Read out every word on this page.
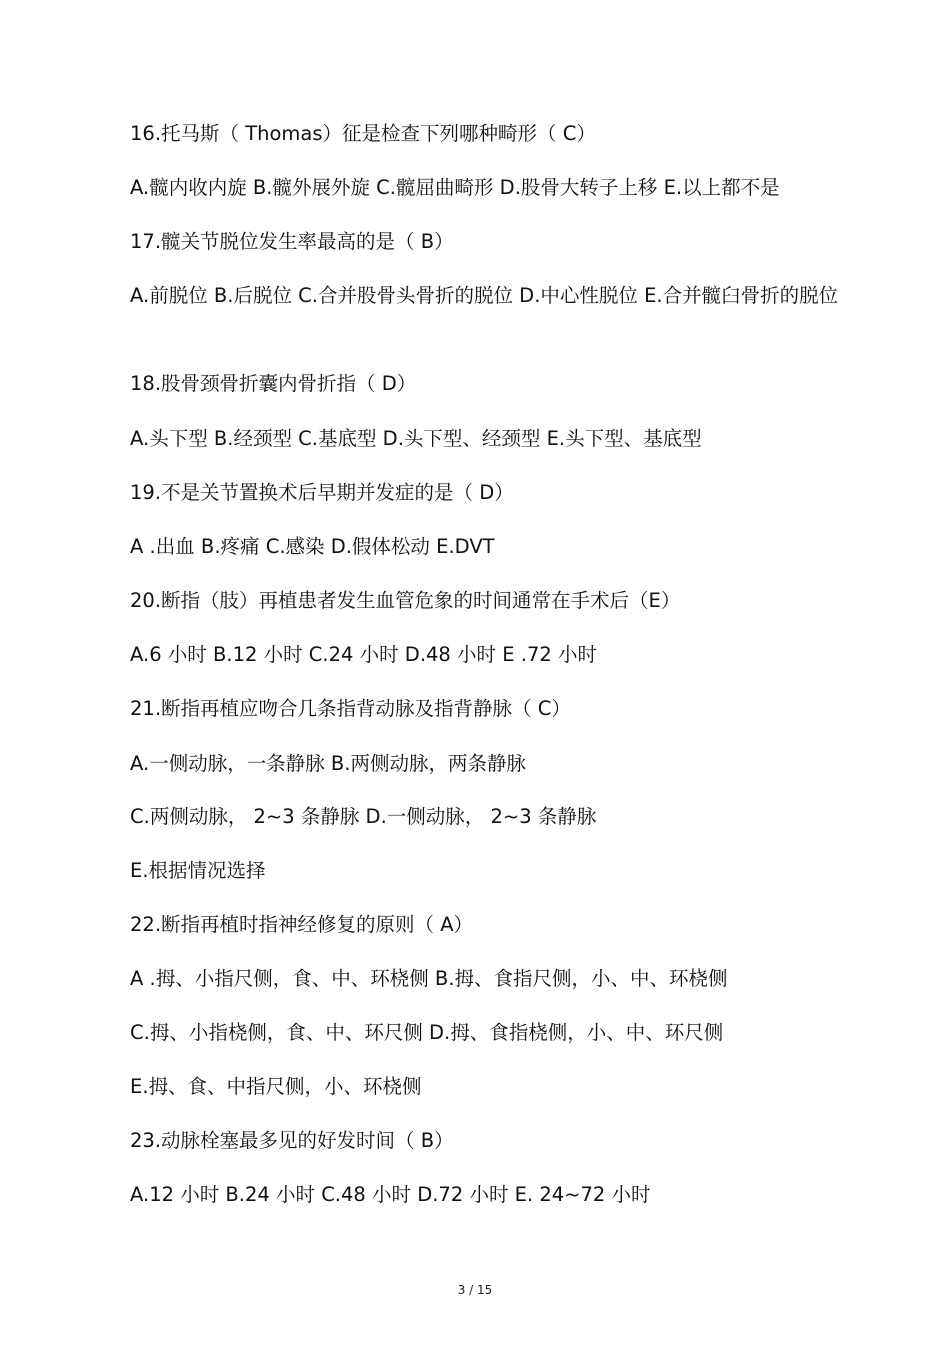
16.托马斯（ Thomas）征是检查下列哪种畸形（ C）
A.髋内收内旋 B.髋外展外旋 C.髋屈曲畸形 D.股骨大转子上移 E.以上都不是
17.髋关节脱位发生率最高的是（ B）
A.前脱位 B.后脱位 C.合并股骨头骨折的脱位 D.中心性脱位 E.合并髋臼骨折的脱位
18.股骨颈骨折囊内骨折指（ D）
A.头下型 B.经颈型 C.基底型 D.头下型、经颈型 E.头下型、基底型
19.不是关节置换术后早期并发症的是（ D）
A .出血 B.疼痛 C.感染 D.假体松动 E.DVT
20.断指（肢）再植患者发生血管危象的时间通常在手术后（E）
A.6 小时 B.12 小时 C.24 小时 D.48 小时 E .72 小时
21.断指再植应吻合几条指背动脉及指背静脉（ C）
A.一侧动脉，一条静脉 B.两侧动脉，两条静脉
C.两侧动脉， 2~3 条静脉 D.一侧动脉， 2~3 条静脉
E.根据情况选择
22.断指再植时指神经修复的原则（ A）
A .拇、小指尺侧，食、中、环桡侧 B.拇、食指尺侧，小、中、环桡侧
C.拇、小指桡侧，食、中、环尺侧 D.拇、食指桡侧，小、中、环尺侧
E.拇、食、中指尺侧，小、环桡侧
23.动脉栓塞最多见的好发时间（ B）
A.12 小时 B.24 小时 C.48 小时 D.72 小时 E. 24~72 小时
3 / 15
